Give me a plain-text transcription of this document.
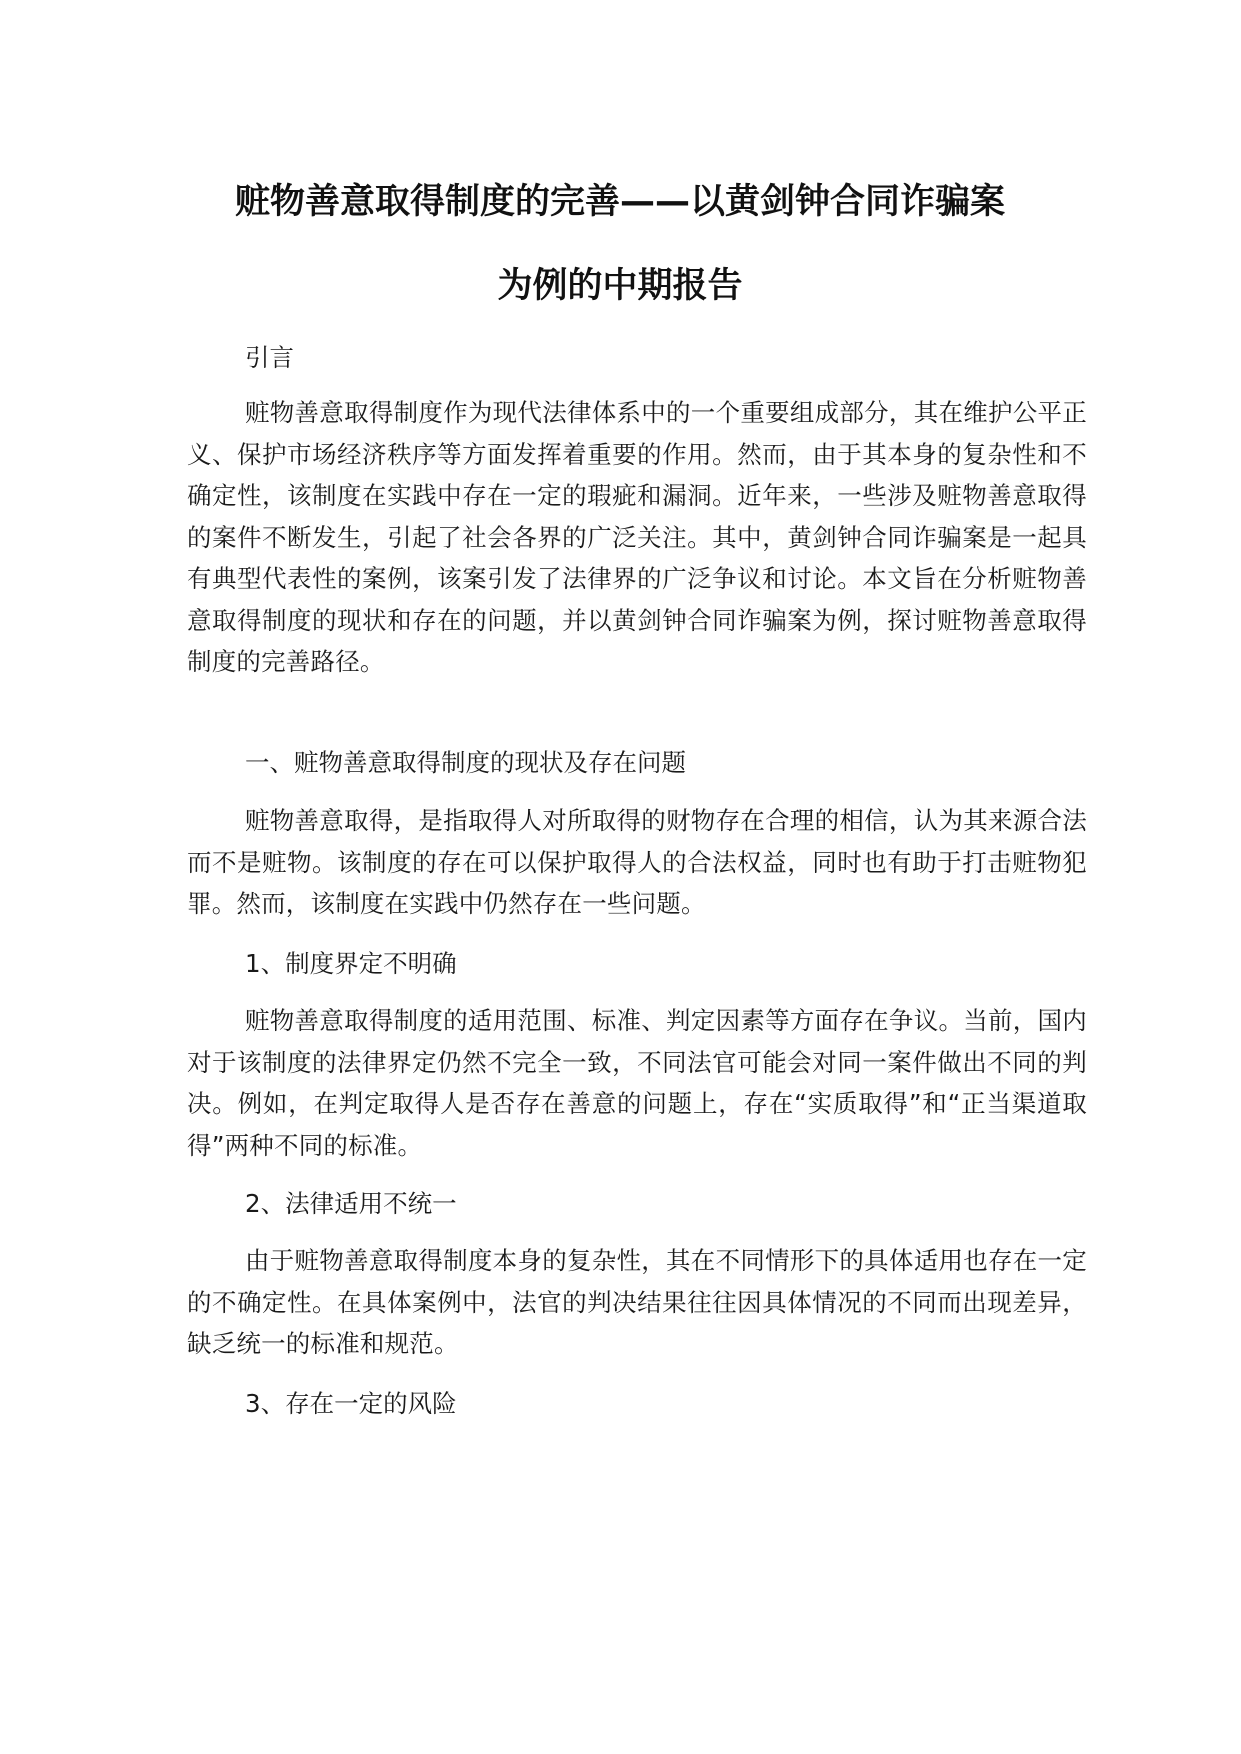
赃物善意取得制度的完善——以黄剑钟合同诈骗案
为例的中期报告

引言

赃物善意取得制度作为现代法律体系中的一个重要组成部分，其在维护公平正义、保护市场经济秩序等方面发挥着重要的作用。然而，由于其本身的复杂性和不确定性，该制度在实践中存在一定的瑕疵和漏洞。近年来，一些涉及赃物善意取得的案件不断发生，引起了社会各界的广泛关注。其中，黄剑钟合同诈骗案是一起具有典型代表性的案例，该案引发了法律界的广泛争议和讨论。本文旨在分析赃物善意取得制度的现状和存在的问题，并以黄剑钟合同诈骗案为例，探讨赃物善意取得制度的完善路径。

一、赃物善意取得制度的现状及存在问题

赃物善意取得，是指取得人对所取得的财物存在合理的相信，认为其来源合法而不是赃物。该制度的存在可以保护取得人的合法权益，同时也有助于打击赃物犯罪。然而，该制度在实践中仍然存在一些问题。

1、制度界定不明确

赃物善意取得制度的适用范围、标准、判定因素等方面存在争议。当前，国内对于该制度的法律界定仍然不完全一致，不同法官可能会对同一案件做出不同的判决。例如，在判定取得人是否存在善意的问题上，存在“实质取得”和“正当渠道取得”两种不同的标准。

2、法律适用不统一

由于赃物善意取得制度本身的复杂性，其在不同情形下的具体适用也存在一定的不确定性。在具体案例中，法官的判决结果往往因具体情况的不同而出现差异，缺乏统一的标准和规范。

3、存在一定的风险
